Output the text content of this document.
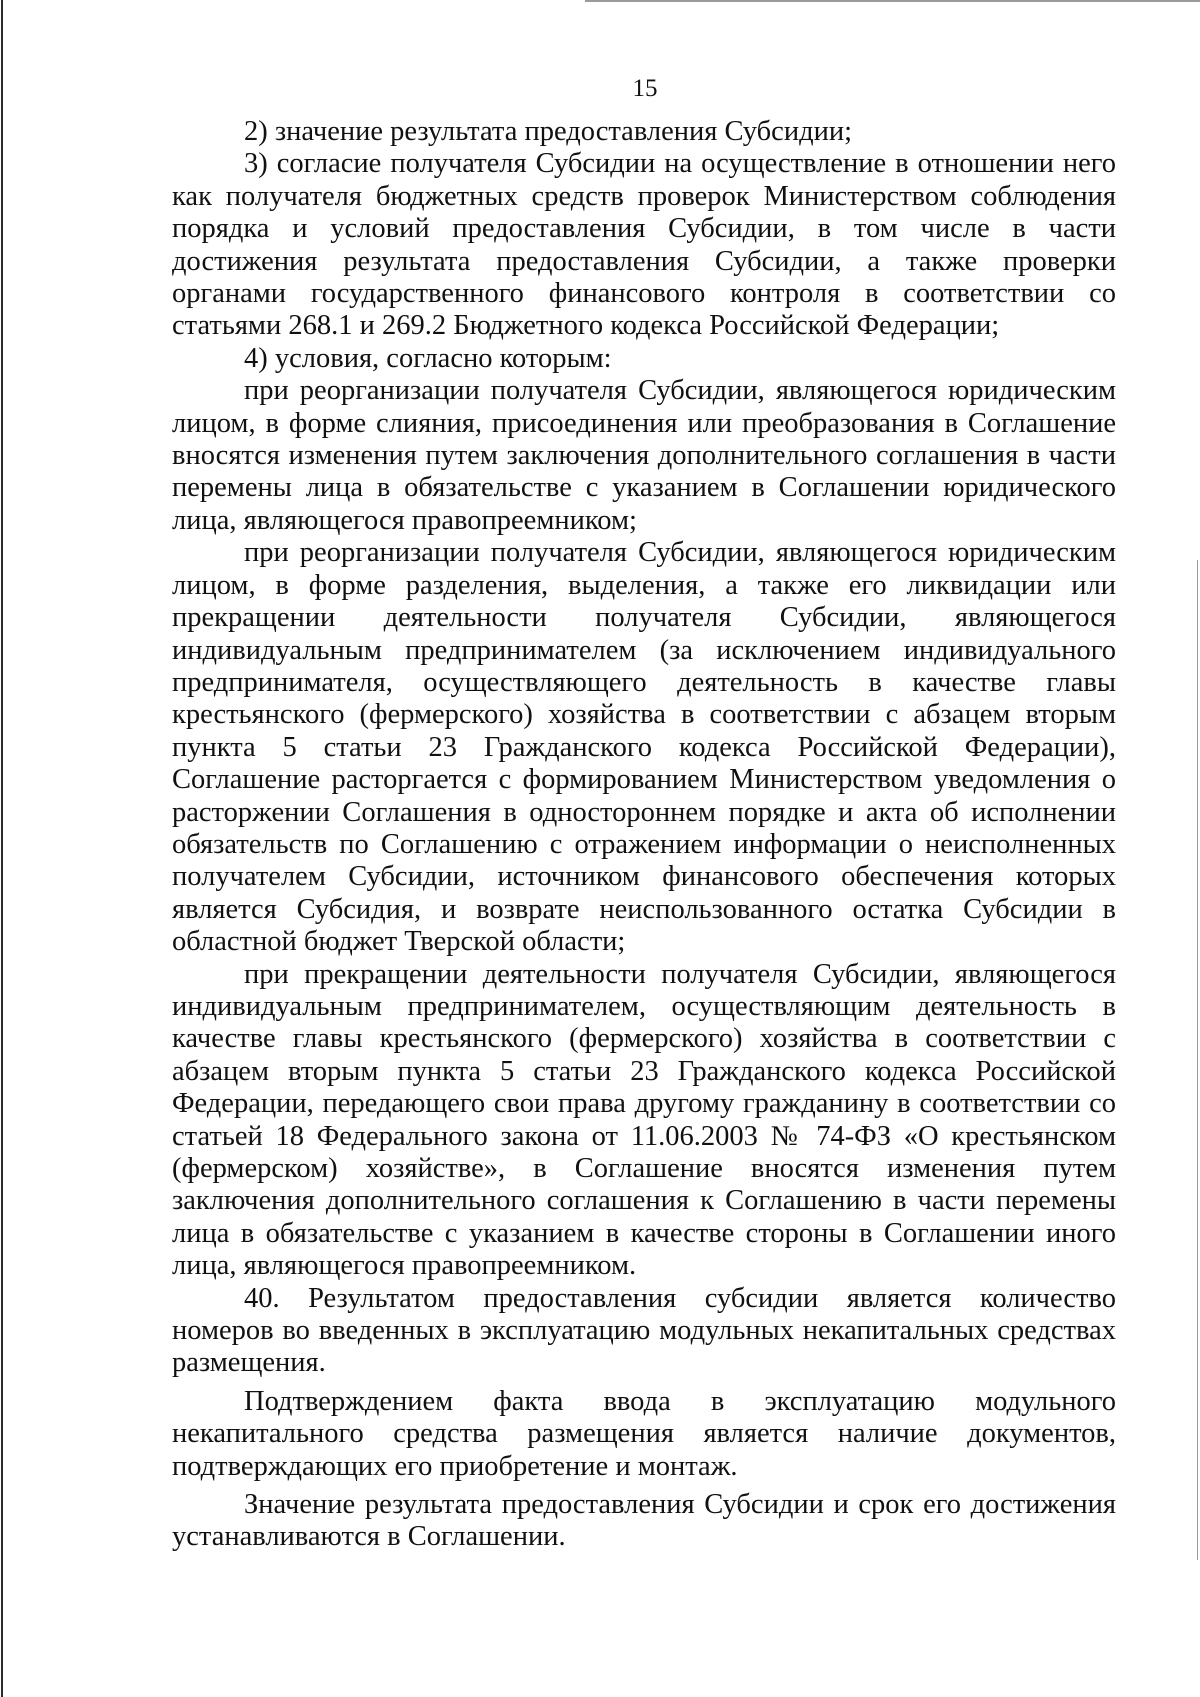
15

2) значение результата предоставления Субсидии;

3) согласие получателя Субсидии на осуществление в отношении него как получателя бюджетных средств проверок Министерством соблюдения порядка и условий предоставления Субсидии, в том числе в части достижения результата предоставления Субсидии, а также проверки органами государственного финансового контроля в соответствии со статьями 268.1 и 269.2 Бюджетного кодекса Российской Федерации;

4) условия, согласно которым:

при реорганизации получателя Субсидии, являющегося юридическим лицом, в форме слияния, присоединения или преобразования в Соглашение вносятся изменения путем заключения дополнительного соглашения в части перемены лица в обязательстве с указанием в Соглашении юридического лица, являющегося правопреемником;

при реорганизации получателя Субсидии, являющегося юридическим лицом, в форме разделения, выделения, а также его ликвидации или прекращении деятельности получателя Субсидии, являющегося индивидуальным предпринимателем (за исключением индивидуального предпринимателя, осуществляющего деятельность в качестве главы крестьянского (фермерского) хозяйства в соответствии с абзацем вторым пункта 5 статьи 23 Гражданского кодекса Российской Федерации), Соглашение расторгается с формированием Министерством уведомления о расторжении Соглашения в одностороннем порядке и акта об исполнении обязательств по Соглашению с отражением информации о неисполненных получателем Субсидии, источником финансового обеспечения которых является Субсидия, и возврате неиспользованного остатка Субсидии в областной бюджет Тверской области;

при прекращении деятельности получателя Субсидии, являющегося индивидуальным предпринимателем, осуществляющим деятельность в качестве главы крестьянского (фермерского) хозяйства в соответствии с абзацем вторым пункта 5 статьи 23 Гражданского кодекса Российской Федерации, передающего свои права другому гражданину в соответствии со статьей 18 Федерального закона от 11.06.2003 № 74-ФЗ «О крестьянском (фермерском) хозяйстве», в Соглашение вносятся изменения путем заключения дополнительного соглашения к Соглашению в части перемены лица в обязательстве с указанием в качестве стороны в Соглашении иного лица, являющегося правопреемником.

40. Результатом предоставления субсидии является количество номеров во введенных в эксплуатацию модульных некапитальных средствах размещения.

Подтверждением факта ввода в эксплуатацию модульного некапитального средства размещения является наличие документов, подтверждающих его приобретение и монтаж.

Значение результата предоставления Субсидии и срок его достижения устанавливаются в Соглашении.
